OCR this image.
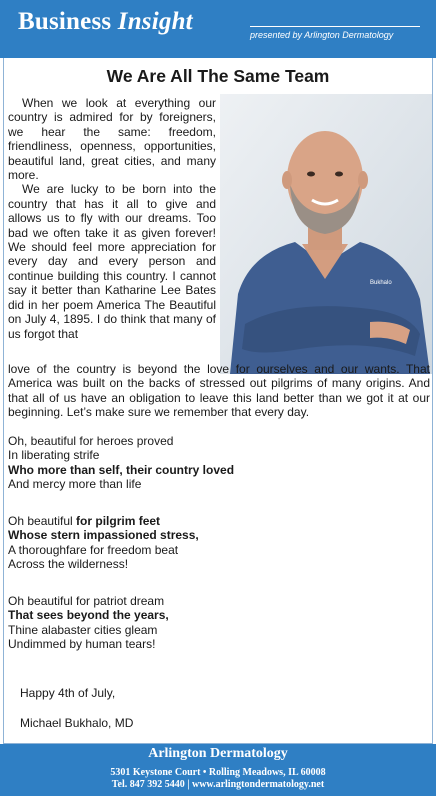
Business Insight	presented by Arlington Dermatology
We Are All The Same Team
Bukhalo

When we look at everything our country is admired for by foreigners, we hear the same: freedom, friendliness, openness, opportunities, beautiful land, great cities, and many more.

We are lucky to be born into the country that has it all to give and allows us to fly with our dreams. Too bad we often take it as given forever! We should feel more appreciation for every day and every person and continue building this country. I cannot say it better than Katharine Lee Bates did in her poem America The Beautiful on July 4, 1895. I do think that many of us forgot that

love of the country is beyond the love for ourselves and our wants. That America was built on the backs of stressed out pilgrims of many origins. And that all of us have an obligation to leave this land better than we got it at our beginning. Let’s make sure we remember that every day.
Oh, beautiful for heroes proved
In liberating strife
Who more than self, their country loved
And mercy more than life
Oh beautiful for pilgrim feet
Whose stern impassioned stress,
A thoroughfare for freedom beat
Across the wilderness!
Oh beautiful for patriot dream
That sees beyond the years,
Thine alabaster cities gleam
Undimmed by human tears!
Happy 4th of July,
Michael Bukhalo, MD
Arlington Dermatology
5301 Keystone Court • Rolling Meadows, IL 60008
Tel. 847 392 5440 | www.arlingtondermatology.net
